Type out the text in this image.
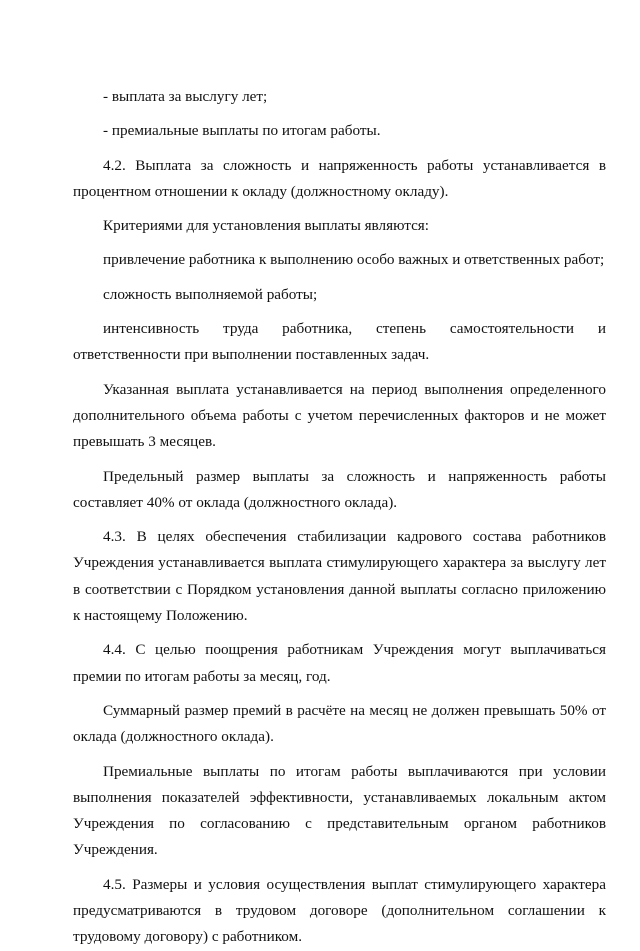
- выплата за выслугу лет;

- премиальные выплаты по итогам работы.

4.2. Выплата за сложность и напряженность работы устанавливается в процентном отношении к окладу (должностному окладу).

Критериями для установления выплаты являются:

привлечение работника к выполнению особо важных и ответственных работ;

сложность выполняемой работы;

интенсивность труда работника, степень самостоятельности и ответственности при выполнении поставленных задач.

Указанная выплата устанавливается на период выполнения определенного дополнительного объема работы с учетом перечисленных факторов и не может превышать 3 месяцев.

Предельный размер выплаты за сложность и напряженность работы составляет 40% от оклада (должностного оклада).

4.3. В целях обеспечения стабилизации кадрового состава работников Учреждения устанавливается выплата стимулирующего характера за выслугу лет в соответствии с Порядком установления данной выплаты согласно приложению к настоящему Положению.

4.4. С целью поощрения работникам Учреждения могут выплачиваться премии по итогам работы за месяц, год.

Суммарный размер премий в расчёте на месяц не должен превышать 50% от оклада (должностного оклада).

Премиальные выплаты по итогам работы выплачиваются при условии выполнения показателей эффективности, устанавливаемых локальным актом Учреждения по согласованию с представительным органом работников Учреждения.

4.5. Размеры и условия осуществления выплат стимулирующего характера предусматриваются в трудовом договоре (дополнительном соглашении к трудовому договору) с работником.
